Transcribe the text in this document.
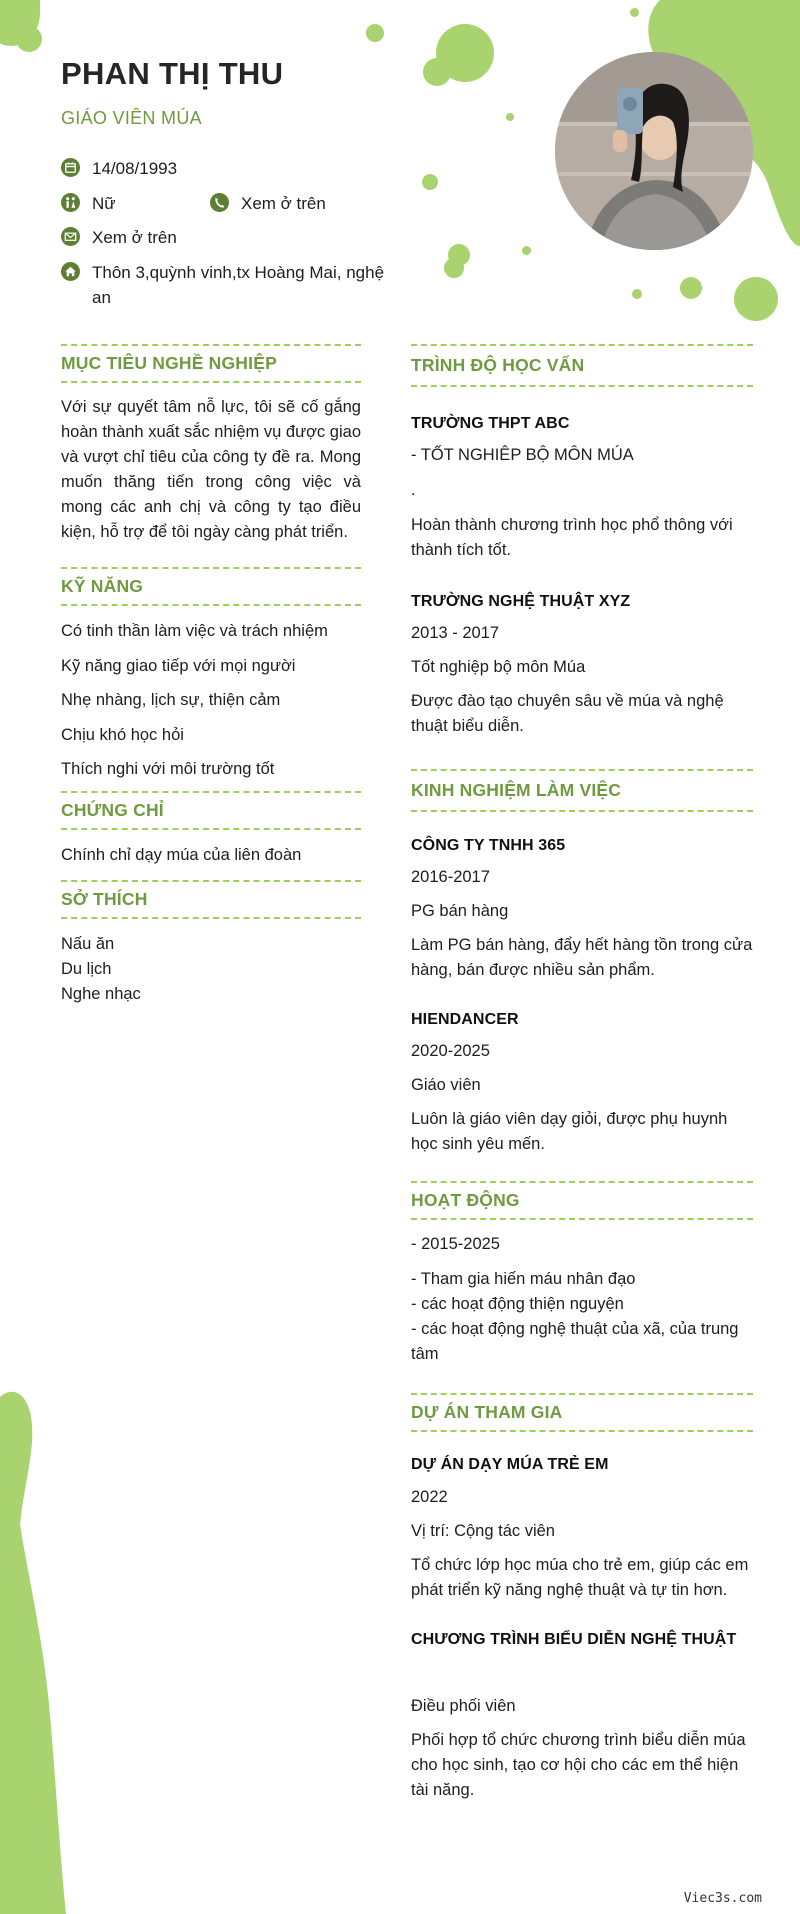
PHAN THỊ THU
GIÁO VIÊN MÚA
14/08/1993
Nữ	Xem ở trên
Xem ở trên
Thôn 3,quỳnh vinh,tx Hoàng Mai, nghệ an
MỤC TIÊU NGHỀ NGHIỆP
Với sự quyết tâm nỗ lực, tôi sẽ cố gắng hoàn thành xuất sắc nhiệm vụ được giao và vượt chỉ tiêu của công ty đề ra. Mong muốn thăng tiến trong công việc và mong các anh chị và công ty tạo điều kiện, hỗ trợ để tôi ngày càng phát triển.
KỸ NĂNG
Có tinh thần làm việc và trách nhiệm
Kỹ năng giao tiếp với mọi người
Nhẹ nhàng, lịch sự, thiện cảm
Chịu khó học hỏi
Thích nghi với môi trường tốt
CHỨNG CHỈ
Chính chỉ dạy múa của liên đoàn
SỞ THÍCH
Nấu ăn
Du lịch
Nghe nhạc
TRÌNH ĐỘ HỌC VẤN
TRƯỜNG THPT ABC
- TỐT NGHIÊP BỘ MÔN MÚA
.
Hoàn thành chương trình học phổ thông với thành tích tốt.
TRƯỜNG NGHỆ THUẬT XYZ
2013 - 2017
Tốt nghiệp bộ môn Múa
Được đào tạo chuyên sâu về múa và nghệ thuật biểu diễn.
KINH NGHIỆM LÀM VIỆC
CÔNG TY TNHH 365
2016-2017
PG bán hàng
Làm PG bán hàng, đẩy hết hàng tồn trong cửa hàng, bán được nhiều sản phẩm.
HIENDANCER
2020-2025
Giáo viên
Luôn là giáo viên dạy giỏi, được phụ huynh học sinh yêu mến.
HOẠT ĐỘNG
- 2015-2025
- Tham gia hiến máu nhân đạo
- các hoạt động thiện nguyện
- các hoạt động nghệ thuật của xã, của trung tâm
DỰ ÁN THAM GIA
DỰ ÁN DẠY MÚA TRẺ EM
2022
Vị trí: Cộng tác viên
Tổ chức lớp học múa cho trẻ em, giúp các em phát triển kỹ năng nghệ thuật và tự tin hơn.
CHƯƠNG TRÌNH BIỂU DIỄN NGHỆ THUẬT
Điều phối viên
Phối hợp tổ chức chương trình biểu diễn múa cho học sinh, tạo cơ hội cho các em thể hiện tài năng.
Viec3s.com
